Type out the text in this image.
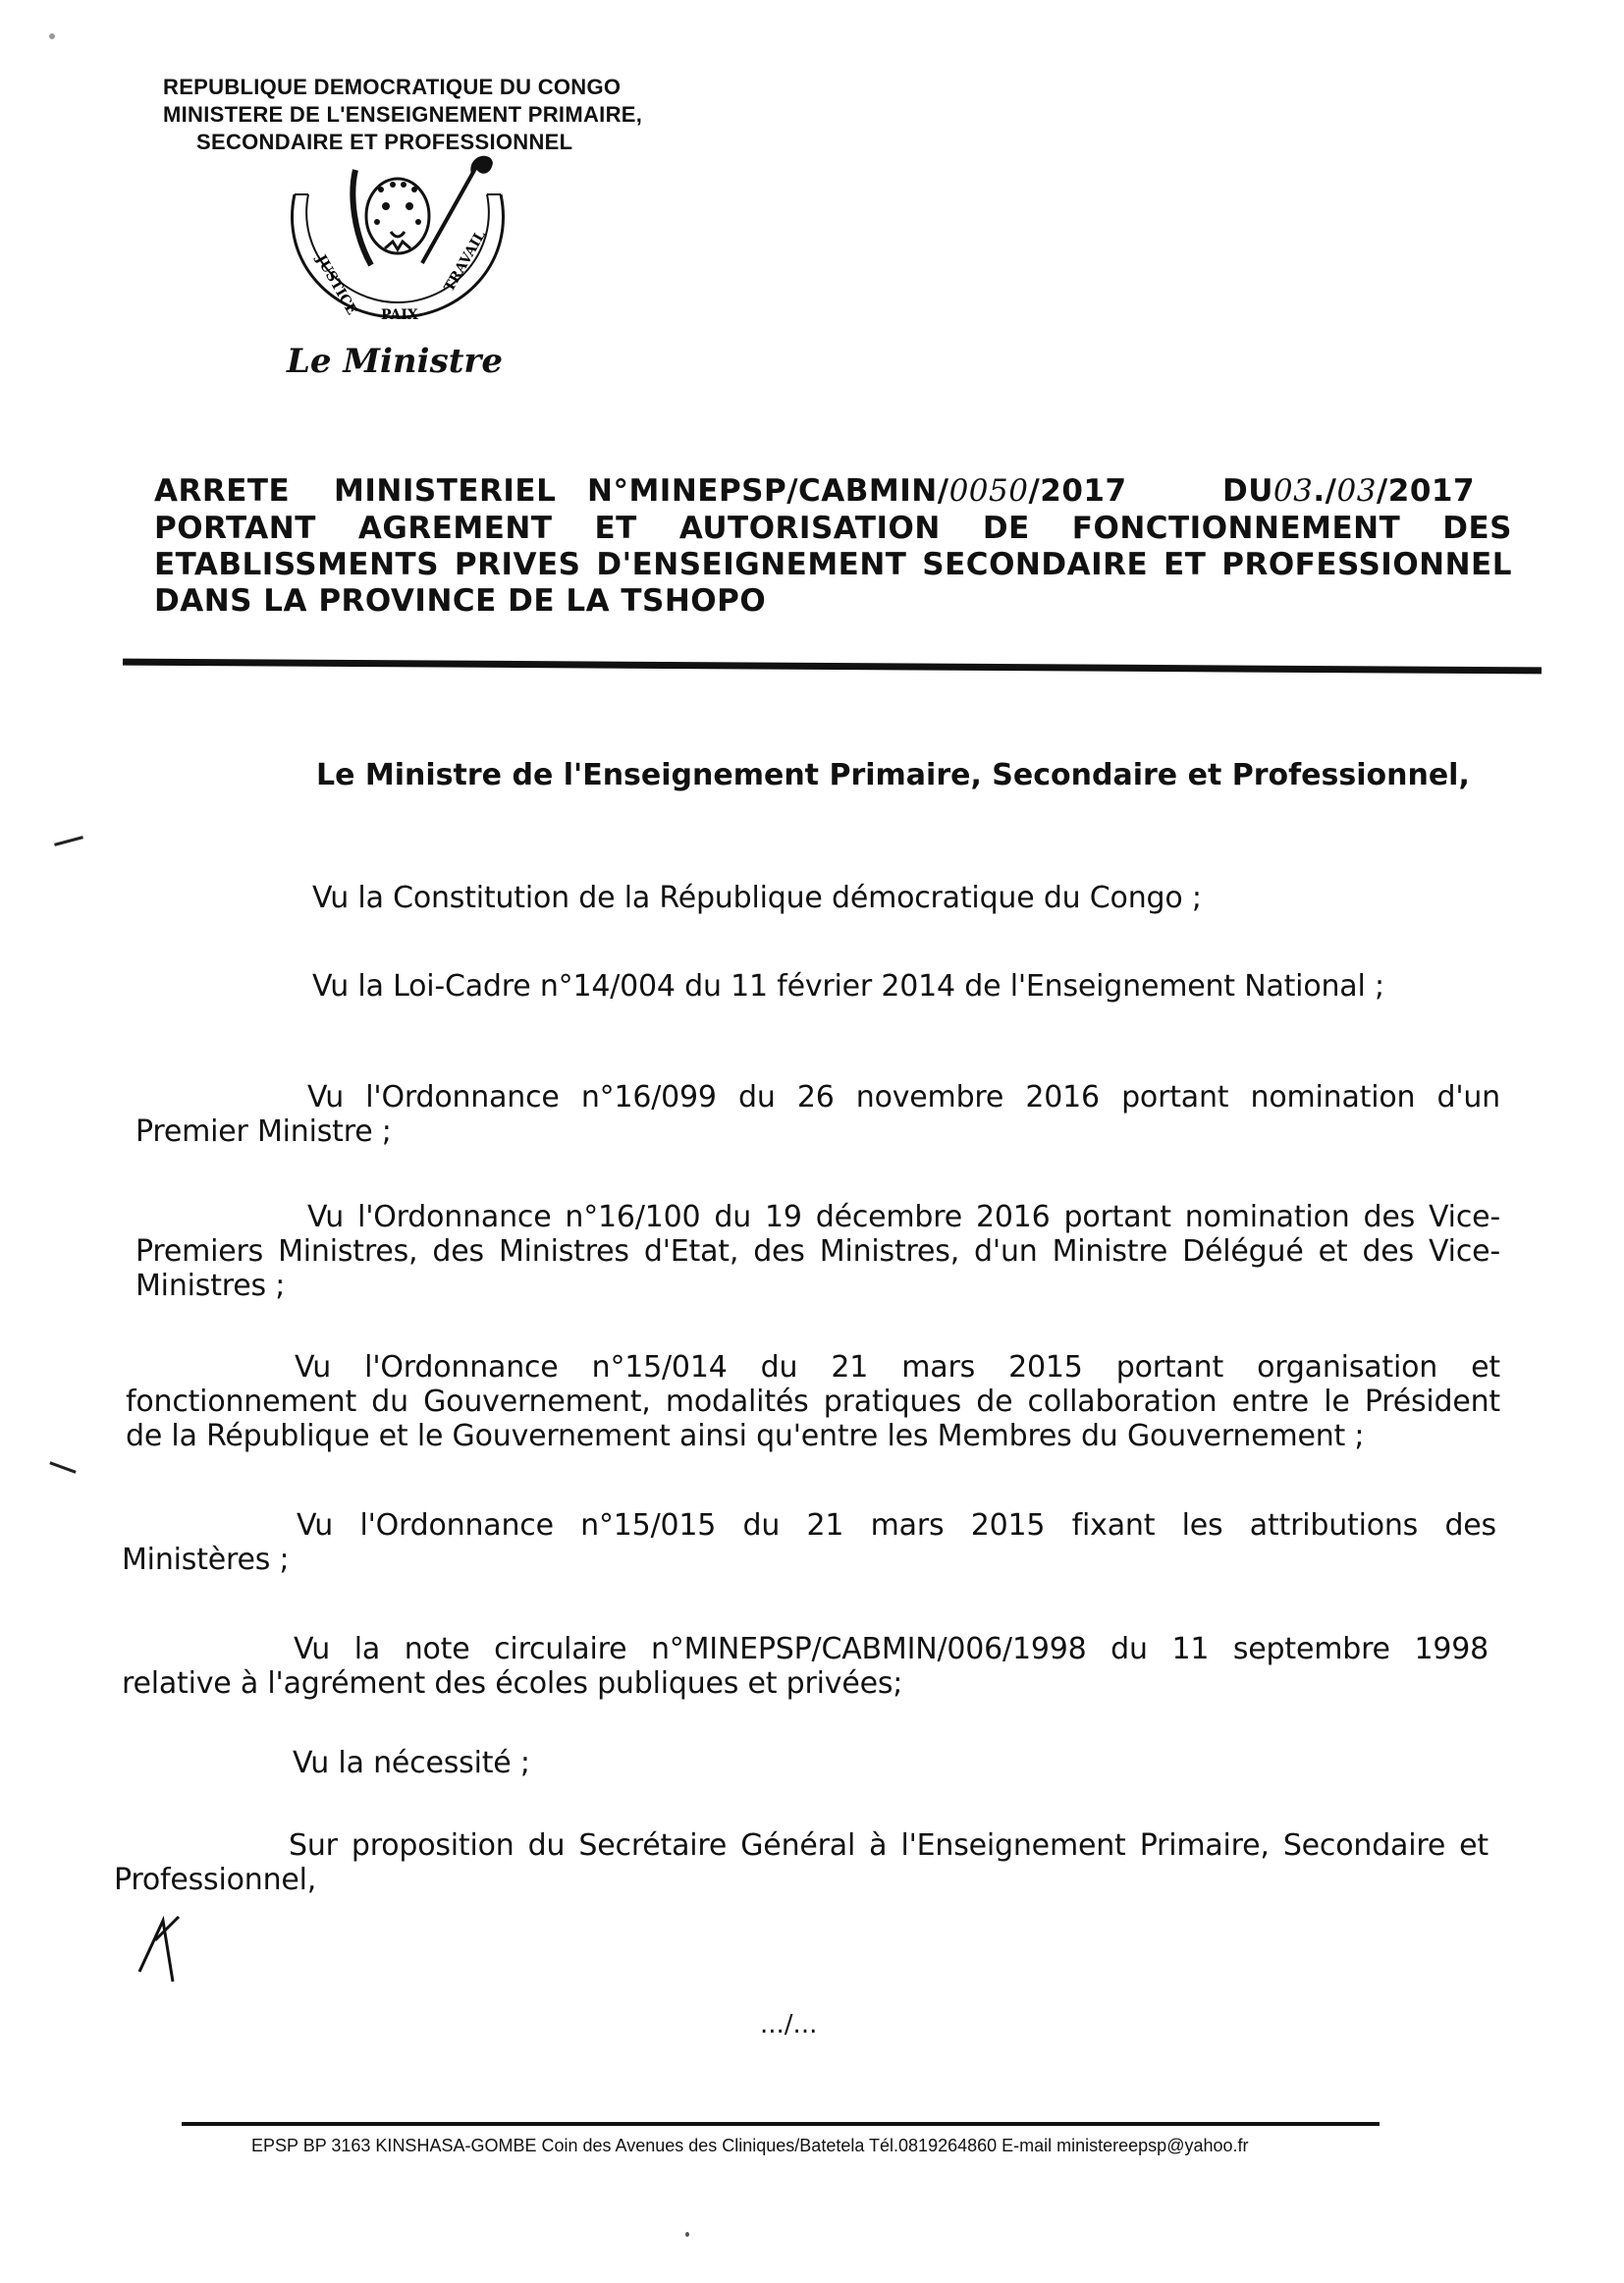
REPUBLIQUE DEMOCRATIQUE DU CONGO
MINISTERE DE L'ENSEIGNEMENT PRIMAIRE,
SECONDAIRE ET PROFESSIONNEL
JUSTICE PAIX
TRAVAIL
Le Ministre
ARRETE MINISTERIEL N°MINEPSP/CABMIN/0050/2017	DU03./03/2017
PORTANT AGREMENT ET AUTORISATION DE FONCTIONNEMENT DES
ETABLISSMENTS PRIVES D'ENSEIGNEMENT SECONDAIRE ET PROFESSIONNEL
DANS LA PROVINCE DE LA TSHOPO
Le Ministre de l'Enseignement Primaire, Secondaire et Professionnel,
Vu la Constitution de la République démocratique du Congo ;
Vu la Loi-Cadre n°14/004 du 11 février 2014 de l'Enseignement National ;
Vu l'Ordonnance n°16/099 du 26 novembre 2016 portant nomination d'un
Premier Ministre ;
Vu l'Ordonnance n°16/100 du 19 décembre 2016 portant nomination des Vice-
Premiers Ministres, des Ministres d'Etat, des Ministres, d'un Ministre Délégué et des Vice-
Ministres ;
Vu l'Ordonnance n°15/014 du 21 mars 2015 portant organisation et
fonctionnement du Gouvernement, modalités pratiques de collaboration entre le Président
de la République et le Gouvernement ainsi qu'entre les Membres du Gouvernement ;
Vu l'Ordonnance n°15/015 du 21 mars 2015 fixant les attributions des
Ministères ;
Vu la note circulaire n°MINEPSP/CABMIN/006/1998 du 11 septembre 1998
relative à l'agrément des écoles publiques et privées;
Vu la nécessité ;
Sur proposition du Secrétaire Général à l'Enseignement Primaire, Secondaire et
Professionnel,
.../...
EPSP BP 3163 KINSHASA-GOMBE Coin des Avenues des Cliniques/Batetela Tél.0819264860 E-mail ministereepsp@yahoo.fr
